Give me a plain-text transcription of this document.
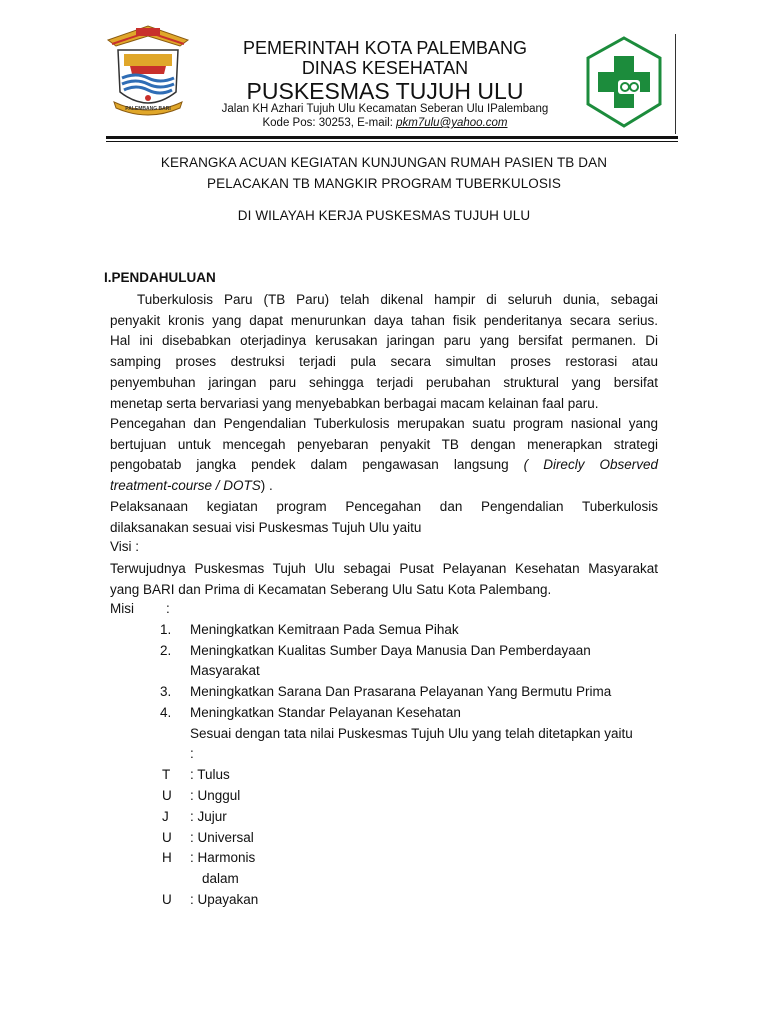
PALEMBANG BARI
PEMERINTAH KOTA PALEMBANG
DINAS KESEHATAN
PUSKESMAS TUJUH ULU
Jalan KH Azhari Tujuh Ulu Kecamatan Seberan Ulu IPalembang
Kode Pos: 30253, E-mail: pkm7ulu@yahoo.com
KERANGKA ACUAN KEGIATAN KUNJUNGAN RUMAH PASIEN TB DAN
PELACAKAN TB MANGKIR PROGRAM TUBERKULOSIS
DI WILAYAH KERJA PUSKESMAS TUJUH ULU
I.PENDAHULUAN
Tuberkulosis Paru (TB Paru) telah dikenal hampir di seluruh dunia, sebagai
penyakit kronis yang dapat menurunkan daya tahan fisik penderitanya secara serius.
Hal ini disebabkan oterjadinya kerusakan jaringan paru yang bersifat permanen. Di
samping proses destruksi terjadi pula secara simultan proses restorasi atau
penyembuhan jaringan paru sehingga terjadi perubahan struktural yang bersifat
menetap serta bervariasi yang menyebabkan berbagai macam kelainan faal paru.
Pencegahan dan Pengendalian Tuberkulosis merupakan suatu program nasional yang
bertujuan untuk mencegah penyebaran penyakit TB dengan menerapkan strategi
pengobatab jangka pendek dalam pengawasan langsung ( Direcly Observed
treatment-course / DOTS) .
Pelaksanaan kegiatan program Pencegahan dan Pengendalian Tuberkulosis
dilaksanakan sesuai visi Puskesmas Tujuh Ulu yaitu
Visi :
Terwujudnya Puskesmas Tujuh Ulu sebagai Pusat Pelayanan Kesehatan Masyarakat
yang BARI dan Prima di Kecamatan Seberang Ulu Satu Kota Palembang.
Misi :
1. Meningkatkan Kemitraan Pada Semua Pihak
2. Meningkatkan Kualitas Sumber Daya Manusia Dan Pemberdayaan
Masyarakat
3. Meningkatkan Sarana Dan Prasarana Pelayanan Yang Bermutu Prima
4. Meningkatkan Standar Pelayanan Kesehatan
Sesuai dengan tata nilai Puskesmas Tujuh Ulu yang telah ditetapkan yaitu
:
T : Tulus
U : Unggul
J : Jujur
U : Universal
H : Harmonis
dalam
U : Upayakan
